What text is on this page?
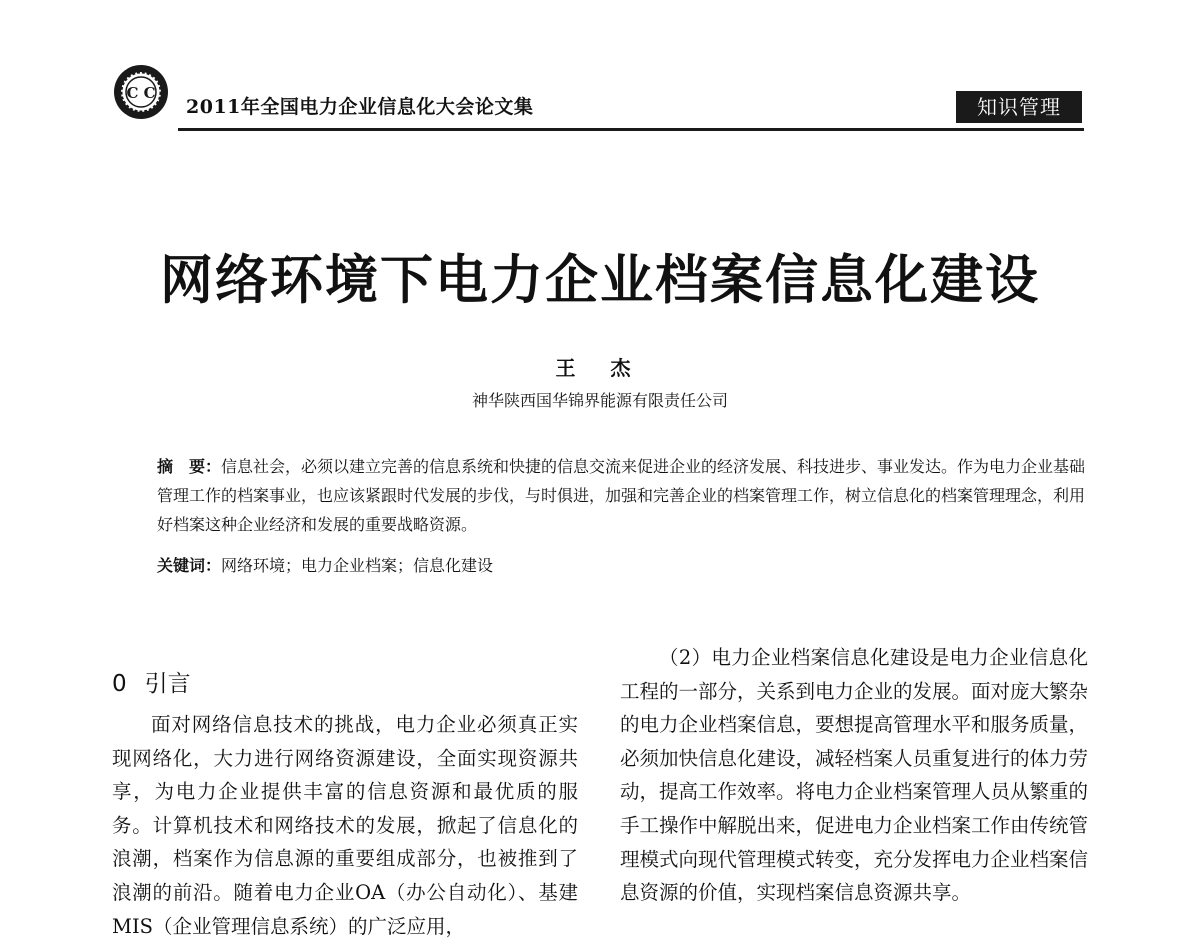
C C
2011年全国电力企业信息化大会论文集	知识管理
网络环境下电力企业档案信息化建设
王 杰
神华陕西国华锦界能源有限责任公司
摘　要：信息社会，必须以建立完善的信息系统和快捷的信息交流来促进企业的经济发展、科技进步、事业发达。作为电力企业基础管理工作的档案事业，也应该紧跟时代发展的步伐，与时俱进，加强和完善企业的档案管理工作，树立信息化的档案管理理念，利用好档案这种企业经济和发展的重要战略资源。
关键词：网络环境；电力企业档案；信息化建设
0 引言
面对网络信息技术的挑战，电力企业必须真正实现网络化，大力进行网络资源建设，全面实现资源共享，为电力企业提供丰富的信息资源和最优质的服务。计算机技术和网络技术的发展，掀起了信息化的浪潮，档案作为信息源的重要组成部分，也被推到了浪潮的前沿。随着电力企业OA（办公自动化）、基建MIS（企业管理信息系统）的广泛应用，
（2）电力企业档案信息化建设是电力企业信息化工程的一部分，关系到电力企业的发展。面对庞大繁杂的电力企业档案信息，要想提高管理水平和服务质量，必须加快信息化建设，减轻档案人员重复进行的体力劳动，提高工作效率。将电力企业档案管理人员从繁重的手工操作中解脱出来，促进电力企业档案工作由传统管理模式向现代管理模式转变，充分发挥电力企业档案信息资源的价值，实现档案信息资源共享。
